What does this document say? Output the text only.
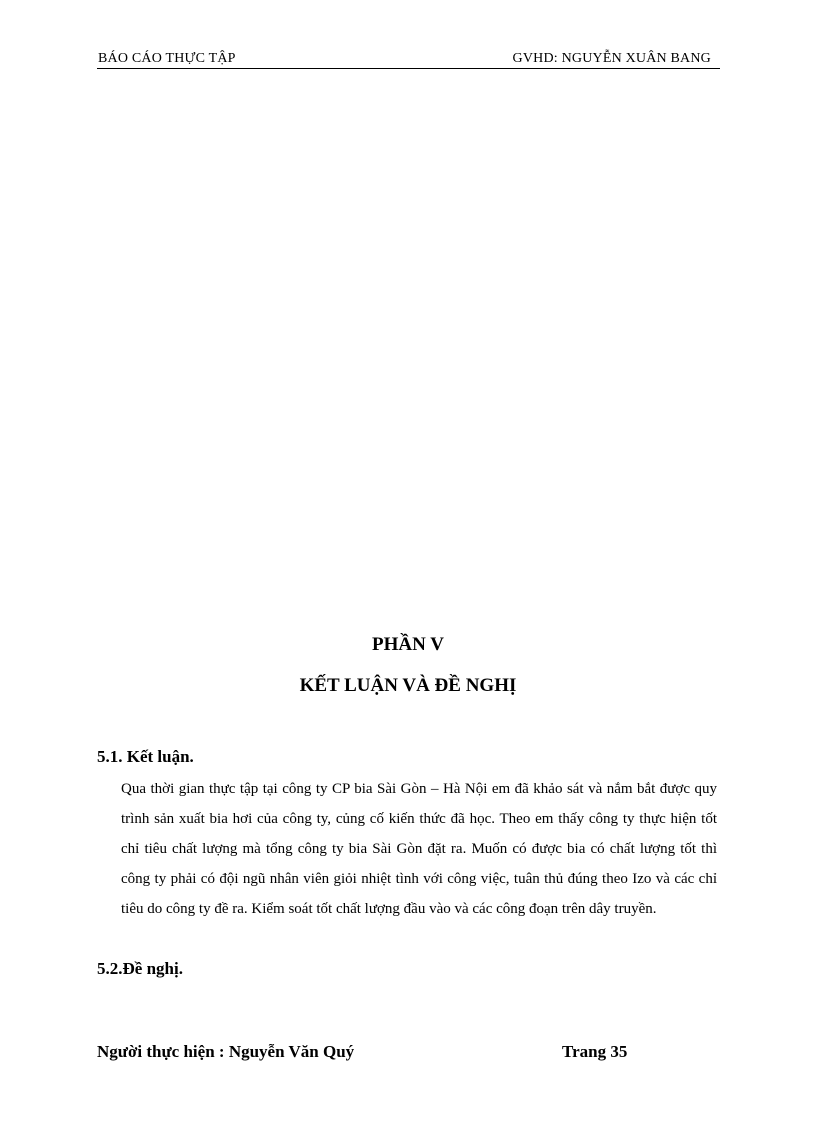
BÁO CÁO THỰC TẬP	GVHD: NGUYỄN XUÂN BANG
PHẦN V
KẾT LUẬN VÀ ĐỀ NGHỊ
5.1. Kết luận.

Qua thời gian thực tập tại công ty CP bia Sài Gòn – Hà Nội em đã khảo sát và nắm bắt được quy trình sản xuất bia hơi của công ty, củng cố kiến thức đã học. Theo em thấy công ty thực hiện tốt chỉ tiêu chất lượng mà tổng công ty bia Sài Gòn đặt ra. Muốn có được bia có chất lượng tốt thì công ty phải có đội ngũ nhân viên giỏi nhiệt tình với công việc, tuân thủ đúng theo Izo và các chỉ tiêu do công ty đề ra. Kiểm soát tốt chất lượng đầu vào và các công đoạn trên dây truyền.

5.2.Đề nghị.
Người thực hiện : Nguyễn Văn Quý	Trang 35
